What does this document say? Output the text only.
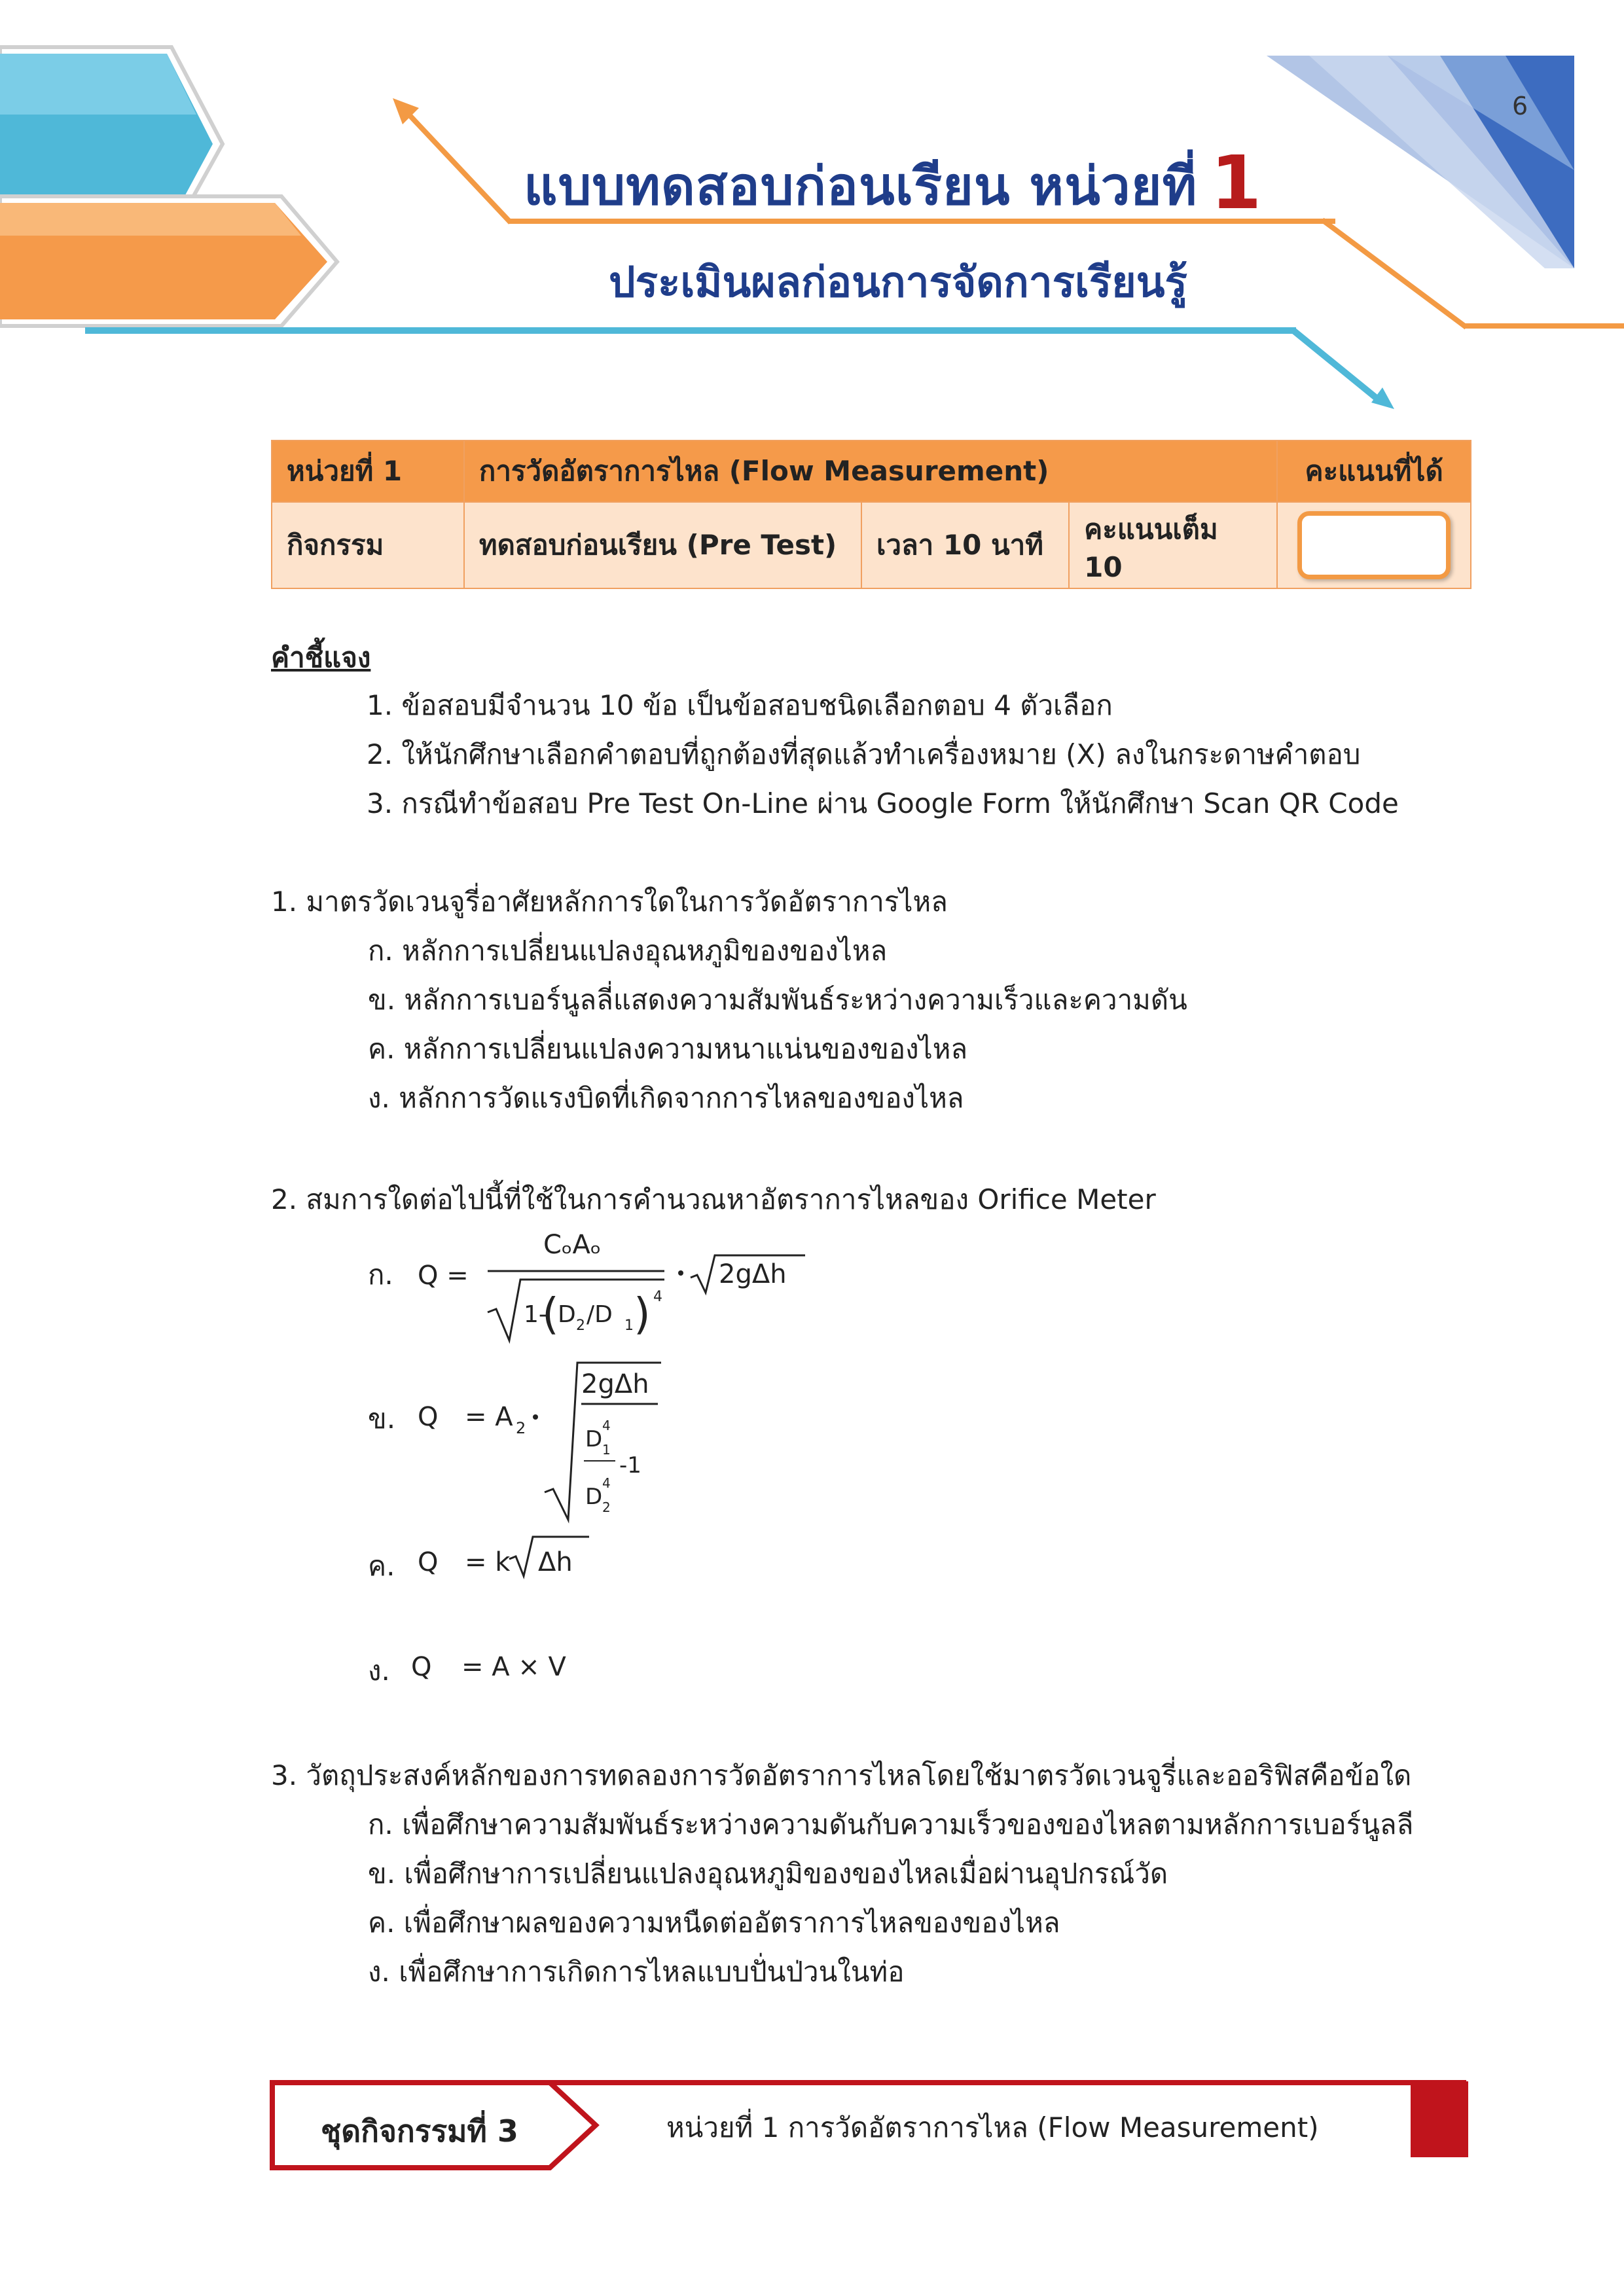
6
แบบทดสอบก่อนเรียน หน่วยที่ 1
ประเมินผลก่อนการจัดการเรียนรู้
หน่วยที่ 1	การวัดอัตราการไหล (Flow Measurement)			คะแนนที่ได้
กิจกรรม	ทดสอบก่อนเรียน (Pre Test)	เวลา 10 นาที	คะแนนเต็ม 10	
คำชี้แจง
1. ข้อสอบมีจำนวน 10 ข้อ เป็นข้อสอบชนิดเลือกตอบ 4 ตัวเลือก
2. ให้นักศึกษาเลือกคำตอบที่ถูกต้องที่สุดแล้วทำเครื่องหมาย (X) ลงในกระดาษคำตอบ
3. กรณีทำข้อสอบ Pre Test On-Line ผ่าน Google Form ให้นักศึกษา Scan QR Code
1. มาตรวัดเวนจูรี่อาศัยหลักการใดในการวัดอัตราการไหล
ก. หลักการเปลี่ยนแปลงอุณหภูมิของของไหล
ข. หลักการเบอร์นูลลี่แสดงความสัมพันธ์ระหว่างความเร็วและความดัน
ค. หลักการเปลี่ยนแปลงความหนาแน่นของของไหล
ง. หลักการวัดแรงบิดที่เกิดจากการไหลของของไหล
2. สมการใดต่อไปนี้ที่ใช้ในการคำนวณหาอัตราการไหลของ Orifice Meter
ก.
ข.
ค.
ง.
Q =
CₒAₒ
1-
(
D 2 /D 1 ) 4
2gΔh
Q = A 2
2gΔh
D
4
1
-1
D
4
2
Q = k Δh
Q = A × V
3. วัตถุประสงค์หลักของการทดลองการวัดอัตราการไหลโดยใช้มาตรวัดเวนจูรี่และออริฟิสคือข้อใด
ก. เพื่อศึกษาความสัมพันธ์ระหว่างความดันกับความเร็วของของไหลตามหลักการเบอร์นูลลี
ข. เพื่อศึกษาการเปลี่ยนแปลงอุณหภูมิของของไหลเมื่อผ่านอุปกรณ์วัด
ค. เพื่อศึกษาผลของความหนืดต่ออัตราการไหลของของไหล
ง. เพื่อศึกษาการเกิดการไหลแบบปั่นป่วนในท่อ
ชุดกิจกรรมที่ 3	หน่วยที่ 1 การวัดอัตราการไหล (Flow Measurement)
